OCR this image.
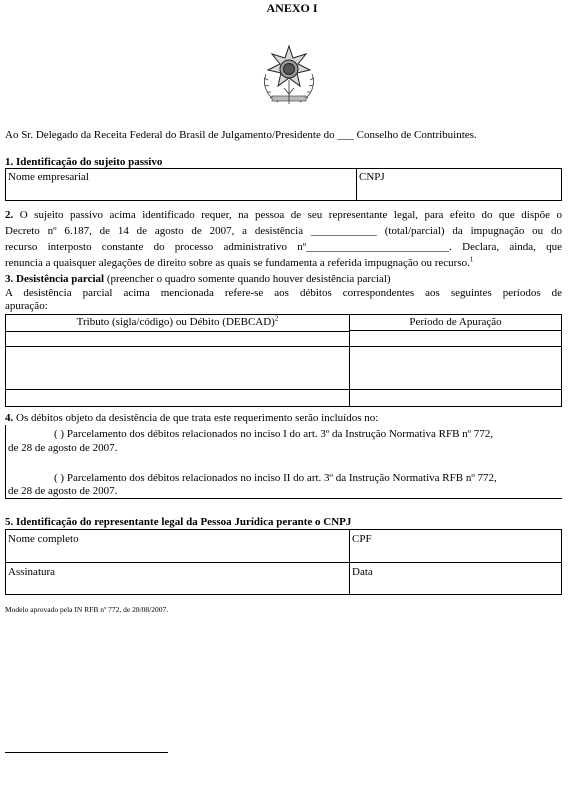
ANEXO I
Ao Sr. Delegado da Receita Federal do Brasil de Julgamento/Presidente do ___ Conselho de Contribuintes.
1. Identificação do sujeito passivo
Nome empresarial	CNPJ
2. O sujeito passivo acima identificado requer, na pessoa de seu representante legal, para efeito do que dispõe o
Decreto nº 6.187, de 14 de agosto de 2007, a desistência ____________ (total/parcial) da impugnação ou do
recurso interposto constante do processo administrativo nº__________________________. Declara, ainda, que
renuncia a quaisquer alegações de direito sobre as quais se fundamenta a referida impugnação ou recurso.$^1$
3. Desistência parcial (preencher o quadro somente quando houver desistência parcial)
A desistência parcial acima mencionada refere-se aos débitos correspondentes aos seguintes períodos de
apuração:
Tributo (sigla/código) ou Débito (DEBCAD)$^2$	Período de Apuração
4. Os débitos objeto da desistência de que trata este requerimento serão incluídos no:
( ) Parcelamento dos débitos relacionados no inciso I do art. 3º da Instrução Normativa RFB nº 772,
de 28 de agosto de 2007.
( ) Parcelamento dos débitos relacionados no inciso II do art. 3º da Instrução Normativa RFB nº 772,
de 28 de agosto de 2007.
5. Identificação do representante legal da Pessoa Jurídica perante o CNPJ
Nome completo	CPF
Assinatura	Data
Modelo aprovado pela IN RFB nº 772, de 28/08/2007.
